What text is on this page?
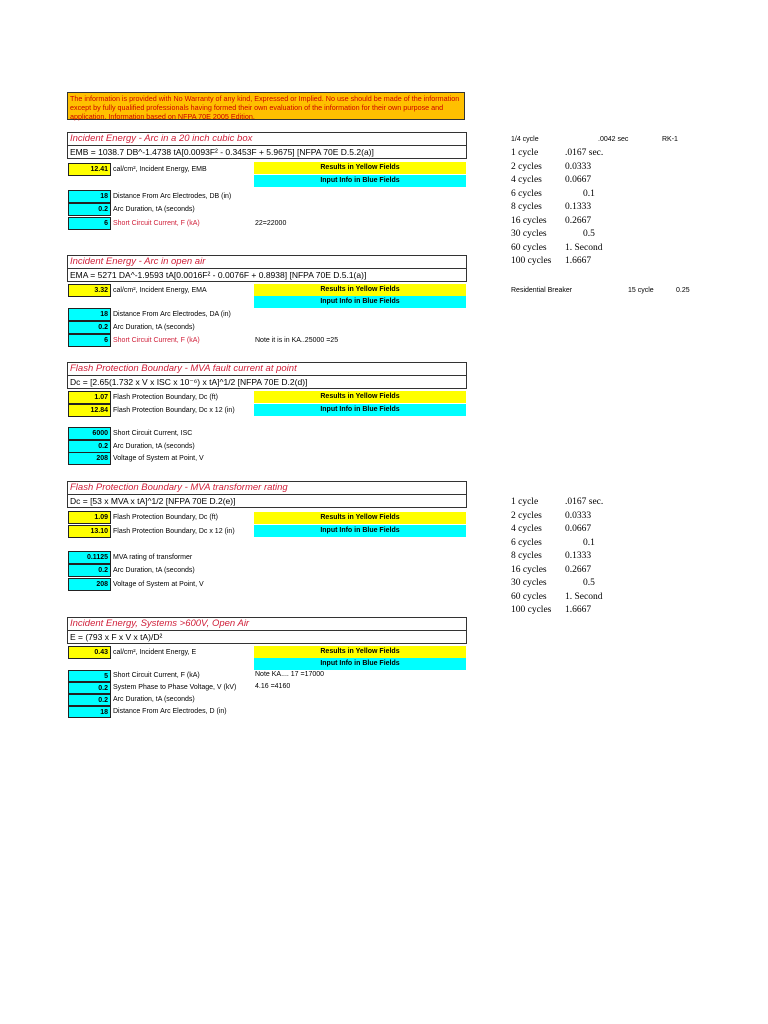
The information is provided with No Warranty of any kind, Expressed or Implied. No use should be made of the information except by fully qualified professionals having formed their own evaluation of the information for their own purpose and application. Information based on NFPA 70E 2005 Edition.
Incident Energy - Arc in a 20 inch cubic box
EMB = 1038.7 DB^-1.4738 tA[0.0093F² - 0.3453F + 5.9675] [NFPA 70E D.5.2(a)]
12.41 cal/cm², Incident Energy, EMB	Results in Yellow Fields
Input Info in Blue Fields
18 Distance From Arc Electrodes, DB (in)
0.2 Arc Duration, tA (seconds)
6 Short Circuit Current, F (kA)	22=22000
Incident Energy - Arc in open air
EMA = 5271 DA^-1.9593 tA[0.0016F² - 0.0076F + 0.8938] [NFPA 70E D.5.1(a)]
3.32 cal/cm², Incident Energy, EMA	Results in Yellow Fields
Input Info in Blue Fields
18 Distance From Arc Electrodes, DA (in)
0.2 Arc Duration, tA (seconds)
6 Short Circuit Current, F (kA)	Note it is in KA..25000 =25
Flash Protection Boundary - MVA fault current at point
Dc = [2.65(1.732 x V x ISC x 10⁻⁶) x tA]^1/2 [NFPA 70E D.2(d)]
1.07 Flash Protection Boundary, Dc (ft)
12.84 Flash Protection Boundary, Dc x 12 (in)
Results in Yellow Fields
Input Info in Blue Fields
6000 Short Circuit Current, ISC
0.2 Arc Duration, tA (seconds)
208 Voltage of System at Point, V
Flash Protection Boundary - MVA transformer rating
Dc = [53 x MVA x tA]^1/2 [NFPA 70E D.2(e)]
1.09 Flash Protection Boundary, Dc (ft)
13.10 Flash Protection Boundary, Dc x 12 (in)
Results in Yellow Fields
Input Info in Blue Fields
0.1125 MVA rating of transformer
0.2 Arc Duration, tA (seconds)
208 Voltage of System at Point, V
Incident Energy, Systems >600V, Open Air
E = (793 x F x V x tA)/D²
0.43 cal/cm², Incident Energy, E	Results in Yellow Fields
Input Info in Blue Fields
5 Short Circuit Current, F (kA)
0.2 System Phase to Phase Voltage, V (kV)
0.2 Arc Duration, tA (seconds)
18 Distance From Arc Electrodes, D (in)
Note KA.... 17 =17000
4.16 =4160
1/4 cycle	.0042 sec	RK-1
1 cycle	.0167 sec.
2 cycles 0.0333
4 cycles 0.0667
6 cycles	0.1
8 cycles 0.1333
16 cycles 0.2667
30 cycles	0.5
60 cycles 1. Second
100 cycles 1.6667
1 cycle	.0167 sec.
2 cycles 0.0333
4 cycles 0.0667
6 cycles	0.1
8 cycles 0.1333
16 cycles 0.2667
30 cycles	0.5
60 cycles 1. Second
100 cycles 1.6667
Residential Breaker	15 cycle	0.25
